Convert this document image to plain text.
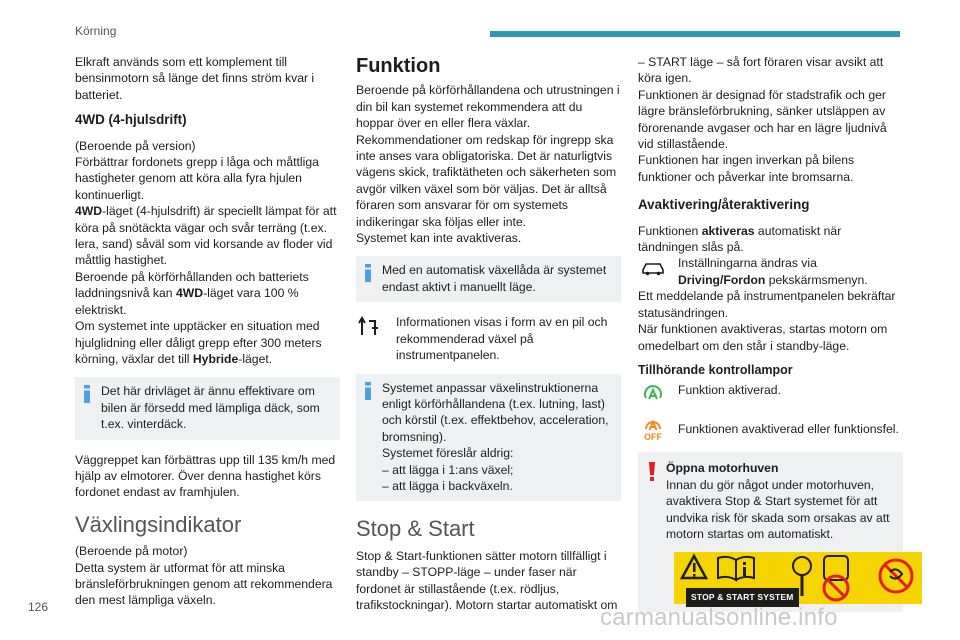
Körning

Elkraft används som ett komplement till bensinmotorn så länge det finns ström kvar i batteriet.

4WD (4-hjulsdrift)

(Beroende på version)

Förbättrar fordonets grepp i låga och måttliga hastigheter genom att köra alla fyra hjulen kontinuerligt.

4WD-läget (4-hjulsdrift) är speciellt lämpat för att köra på snötäckta vägar och svår terräng (t.ex. lera, sand) såväl som vid korsande av floder vid måttlig hastighet.

Beroende på körförhållanden och batteriets laddningsnivå kan 4WD-läget vara 100 % elektriskt.

Om systemet inte upptäcker en situation med hjulglidning eller dåligt grepp efter 300 meters körning, växlar det till Hybride-läget.

Det här drivläget är ännu effektivare om bilen är försedd med lämpliga däck, som t.ex. vinterdäck.

Väggreppet kan förbättras upp till 135 km/h med hjälp av elmotorer. Över denna hastighet körs fordonet endast av framhjulen.

Växlingsindikator

(Beroende på motor)

Detta system är utformat för att minska bränsleförbrukningen genom att rekommendera den mest lämpliga växeln.

Funktion

Beroende på körförhållandena och utrustningen i din bil kan systemet rekommendera att du hoppar över en eller flera växlar.

Rekommendationer om redskap för ingrepp ska inte anses vara obligatoriska. Det är naturligtvis vägens skick, trafiktätheten och säkerheten som avgör vilken växel som bör väljas. Det är alltså föraren som ansvarar för om systemets indikeringar ska följas eller inte.

Systemet kan inte avaktiveras.

Med en automatisk växellåda är systemet endast aktivt i manuellt läge.

Informationen visas i form av en pil och rekommenderad växel på instrumentpanelen.

Systemet anpassar växelinstruktionerna enligt körförhållandena (t.ex. lutning, last) och körstil (t.ex. effektbehov, acceleration, bromsning).

Systemet föreslår aldrig:

– att lägga i 1:ans växel;

– att lägga i backväxeln.

Stop & Start

Stop & Start-funktionen sätter motorn tillfälligt i standby – STOPP-läge – under faser när fordonet är stillastående (t.ex. rödljus, trafikstockningar). Motorn startar automatiskt om

– START läge – så fort föraren visar avsikt att köra igen.

Funktionen är designad för stadstrafik och ger lägre bränsleförbrukning, sänker utsläppen av förorenande avgaser och har en lägre ljudnivå vid stillastående.

Funktionen har ingen inverkan på bilens funktioner och påverkar inte bromsarna.

Avaktivering/återaktivering

Funktionen aktiveras automatiskt när tändningen slås på.

Inställningarna ändras via Driving/Fordon pekskärmsmenyn.

Ett meddelande på instrumentpanelen bekräftar statusändringen.

När funktionen avaktiveras, startas motorn om omedelbart om den står i standby-läge.

Tillhörande kontrollampor

Funktion aktiverad.

OFF

Funktionen avaktiverad eller funktionsfel.

Öppna motorhuven

Innan du gör något under motorhuven, avaktivera Stop & Start systemet för att undvika risk för skada som orsakas av att motorn startas om automatiskt.

STOP & START SYSTEM
126	carmanualsonline.info
